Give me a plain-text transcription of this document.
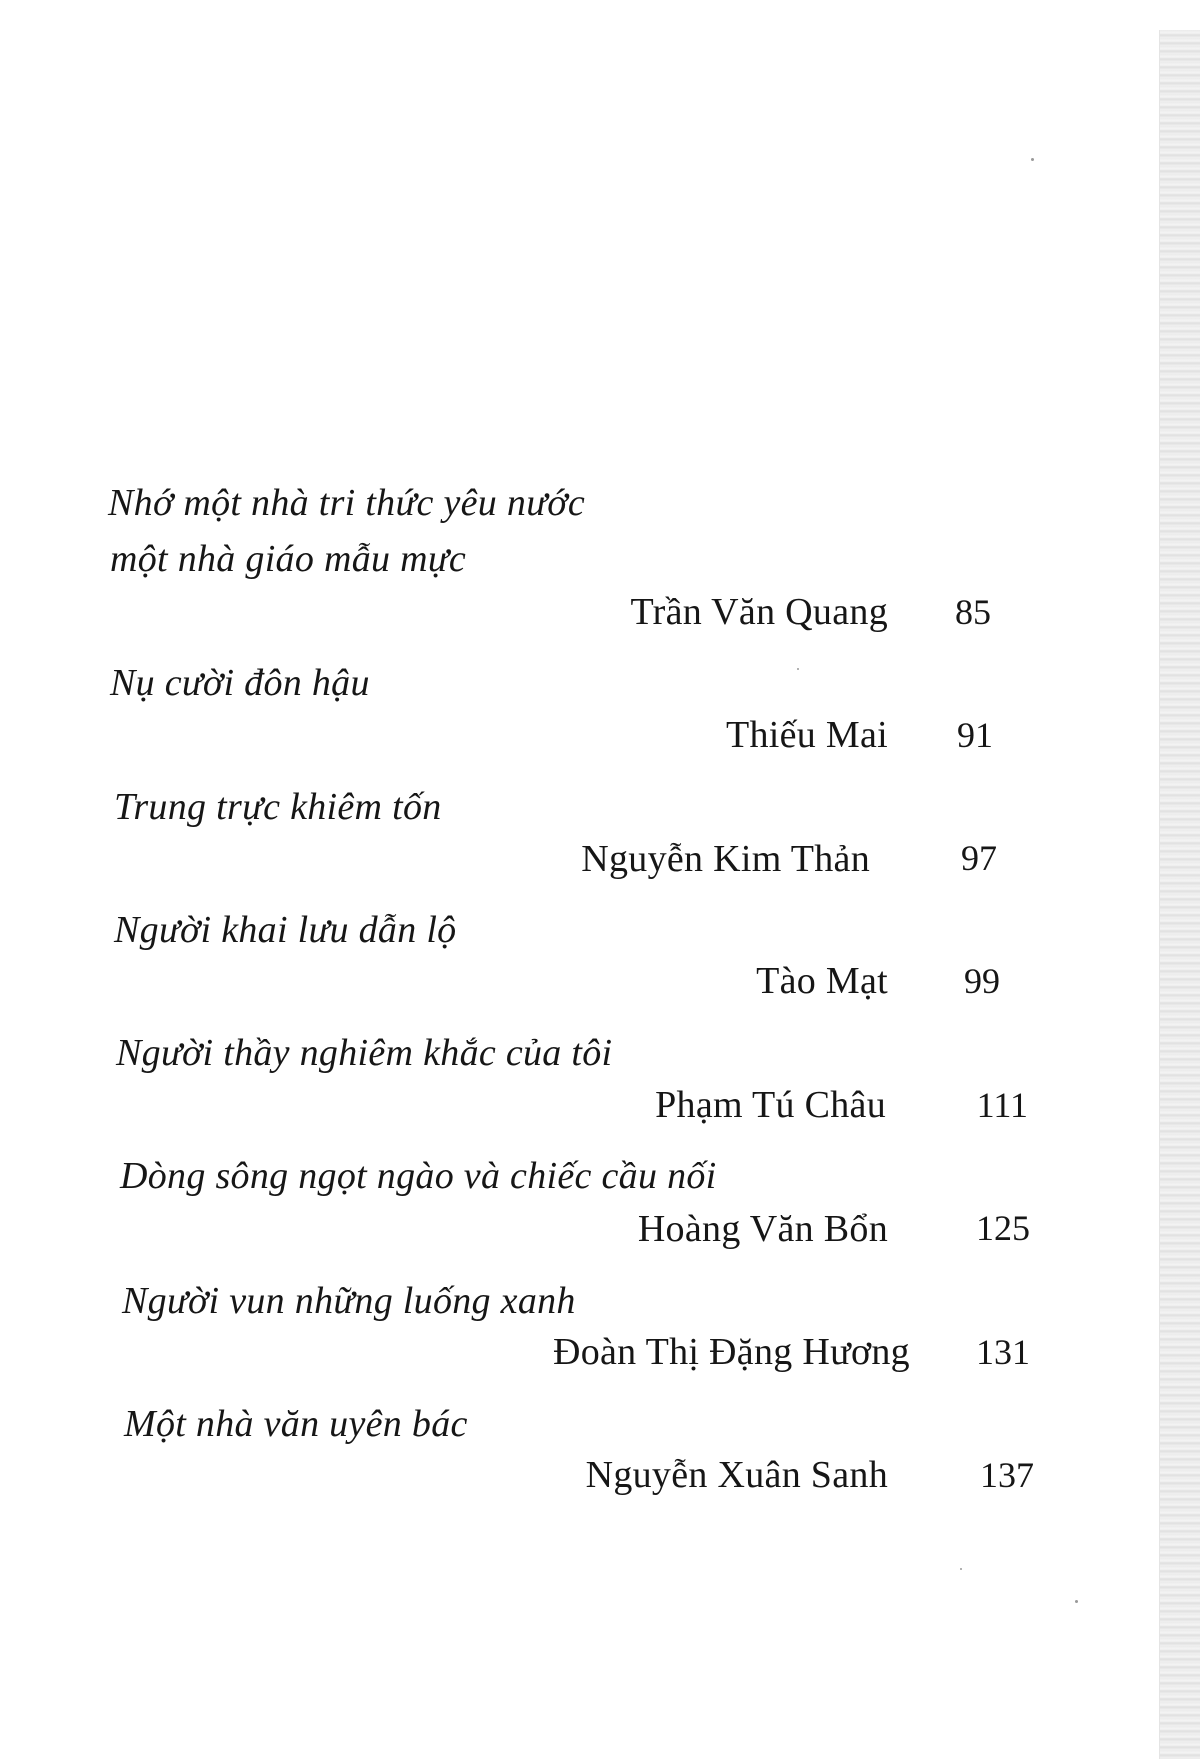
Nhớ một nhà tri thức yêu nước
một nhà giáo mẫu mực
Trần Văn Quang 85
Nụ cười đôn hậu
Thiếu Mai 91
Trung trực khiêm tốn
Nguyễn Kim Thản	97
Người khai lưu dẫn lộ
Tào Mạt 99
Người thầy nghiêm khắc của tôi
Phạm Tú Châu	111
Dòng sông ngọt ngào và chiếc cầu nối
Hoàng Văn Bổn 125
Người vun những luống xanh
Đoàn Thị Đặng Hương 131
Một nhà văn uyên bác
Nguyễn Xuân Sanh	137
